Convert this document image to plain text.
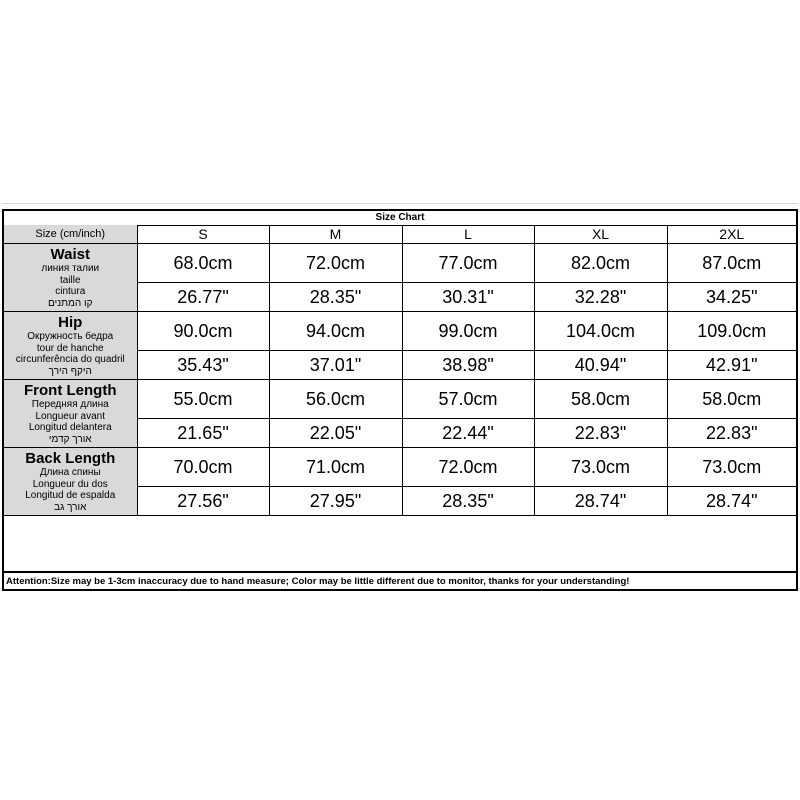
Size Chart
Size (cm/inch)	S	M	L	XL	2XL

Waist
линия талии
taille
cintura
קו המתנים	68.0cm	72.0cm	77.0cm	82.0cm	87.0cm
	26.77"	28.35"	30.31"	32.28"	34.25"

Hip
Окружность бедра
tour de hanche
circunferência do quadril
היקף הירך	90.0cm	94.0cm	99.0cm	104.0cm	109.0cm
	35.43"	37.01"	38.98"	40.94"	42.91"

Front Length
Передняя длина
Longueur avant
Longitud delantera
אורך קדמי	55.0cm	56.0cm	57.0cm	58.0cm	58.0cm
	21.65"	22.05"	22.44"	22.83"	22.83"

Back Length
Длина спины
Longueur du dos
Longitud de espalda
אורך גב	70.0cm	71.0cm	72.0cm	73.0cm	73.0cm
	27.56"	27.95"	28.35"	28.74"	28.74"
Attention:Size may be 1-3cm inaccuracy due to hand measure; Color may be little different due to monitor, thanks for your understanding!
